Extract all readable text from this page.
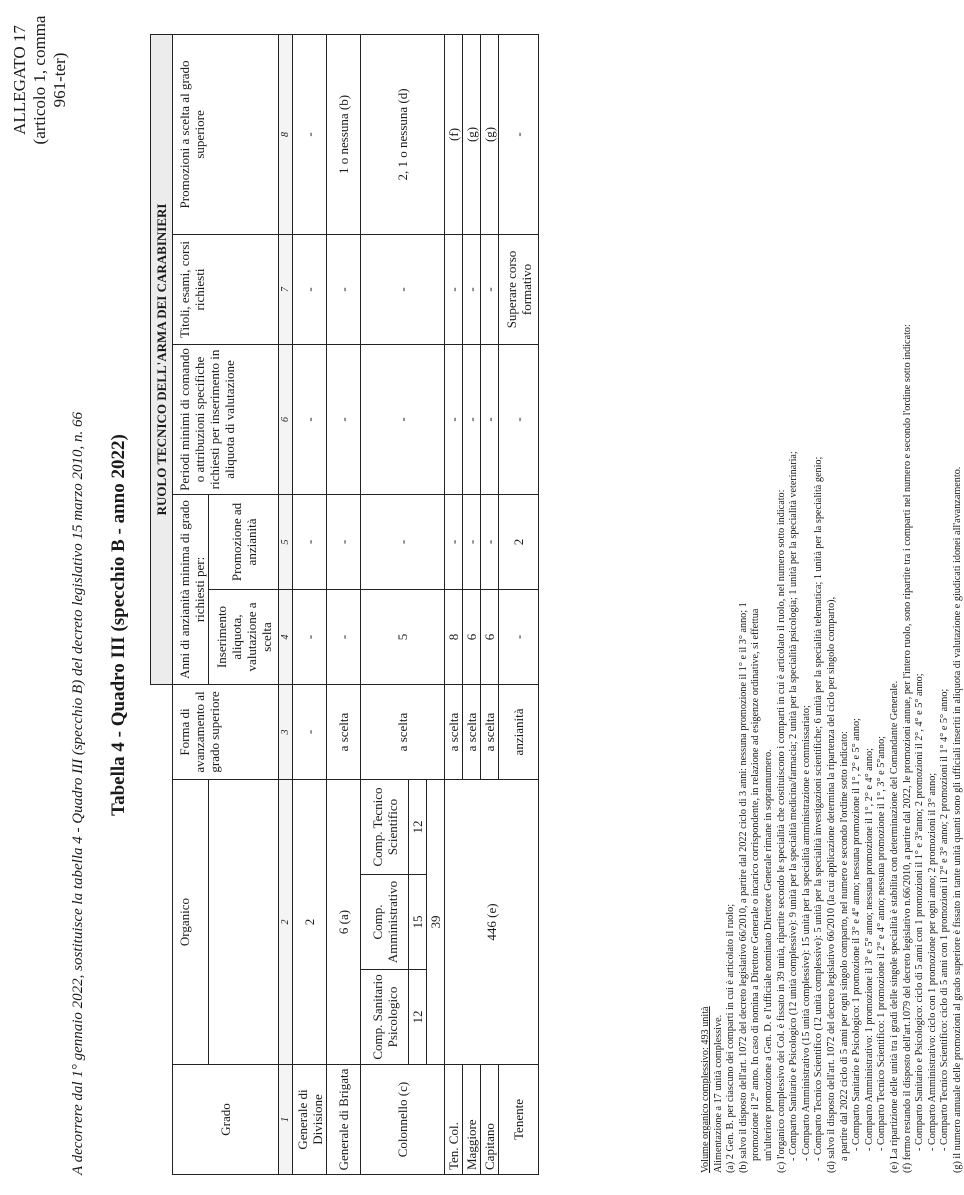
ALLEGATO 17 (articolo 1, comma 961-ter)
A decorrere dal 1° gennaio 2022, sostituisce la tabella 4 - Quadro III (specchio B) del decreto legislativo 15 marzo 2010, n. 66 Tabella 4 - Quadro III (specchio B - anno 2022)
					RUOLO TECNICO DELL'ARMA DEI CARABINIERI				
Grado	Organico			Forma di avanzamento al grado superiore	Anni di anzianità minima di grado richiesti per:		Periodi minimi di comando o attribuzioni specifiche richiesti per inserimento in aliquota di valutazione	Titoli, esami, corsi richiesti	Promozioni a scelta al grado superiore
					Inserimento aliquota, valutazione a scelta	Promozione ad anzianità			
1	2			3	4	5	6	7	8
Generale di Divisione	2			-	-	-	-	-	-
Generale di Brigata	6 (a)			a scelta	-	-	-	-	1 o nessuna (b)
Colonnello (c)	Comp. Sanitario Psicologico	Comp. Amministrativo	Comp. Tecnico Scientifico	a scelta	5	-	-	-	2, 1 o nessuna (d)
	12	15	12						
	39								
Ten. Col.	446 (e)			a scelta	8	-	-	-	(f)
Maggiore				a scelta	6	-	-	-	(g)
Capitano				a scelta	6	-	-	-	(g)
Tenente				anzianità	-	2	-	Superare corso formativo	-

Volume organico complessivo: 493 unità Alimentazione a 17 unità complessive. (a) 2 Gen. B. per ciascuno dei comparti in cui è articolato il ruolo; (b) salvo il disposto dell'art. 1072 del decreto legislativo 66/2010, a partire dal 2022 ciclo di 3 anni: nessuna promozione il 1° e il 3° anno; 1 promozione il 2° anno. In caso di nomina a Direttore Generale o incarico corrispondente, in relazione ad esigenze ordinative, si effettua un'ulteriore promozione a Gen. D. e l'ufficiale nominato Direttore Generale rimane in soprannumero. (c) l'organico complessivo dei Col. è fissato in 39 unità, ripartite secondo le specialità che costituiscono i comparti in cui è articolato il ruolo, nel numero sotto indicato: - Comparto Sanitario e Psicologico (12 unità complessive): 9 unità per la specialità medicina/farmacia; 2 unità per la specialità psicologia; 1 unità per la specialità veterinaria; - Comparto Amministrativo (15 unità complessive): 15 unità per la specialità amministrazione e commissariato; - Comparto Tecnico Scientifico (12 unità complessive): 5 unità per la specialità investigazioni scientifiche; 6 unità per la specialità telematica; 1 unità per la specialità genio; (d) salvo il disposto dell'art. 1072 del decreto legislativo 66/2010 (la cui applicazione determina la ripartenza del ciclo per singolo comparto), a partire dal 2022 ciclo di 5 anni per ogni singolo comparto, nel numero e secondo l'ordine sotto indicato: - Comparto Sanitario e Psicologico: 1 promozione il 3° e 4° anno; nessuna promozione il 1°, 2° e 5° anno; - Comparto Amministrativo: 1 promozione il 3° e 5° anno; nessuna promozione il 1°, 2° e 4° anno; - Comparto Tecnico Scientifico: 1 promozione il 2° e 4° anno; nessuna promozione il 1°, 3° e 5°anno; (e) La ripartizione delle unità tra i gradi delle singole specialità è stabilita con determinazione del Comandante Generale. (f) fermo restando il disposto dell'art.1079 del decreto legislativo n.66/2010, a partire dal 2022, le promozioni annue, per l'intero ruolo, sono ripartite tra i comparti nel numero e secondo l'ordine sotto indicato: - Comparto Sanitario e Psicologico: ciclo di 5 anni con 1 promozioni il 1° e 3°anno; 2 promozioni il 2°, 4° e 5° anno; - Comparto Amministrativo: ciclo con 1 promozione per ogni anno; 2 promozioni il 3° anno; - Comparto Tecnico Scientifico: ciclo di 5 anni con 1 promozioni il 2° e 3° anno; 2 promozioni il 1° 4° e 5° anno; (g) il numero annuale delle promozioni al grado superiore è fissato in tante unità quanti sono gli ufficiali inseriti in aliquota di valutazione e giudicati idonei all'avanzamento.
